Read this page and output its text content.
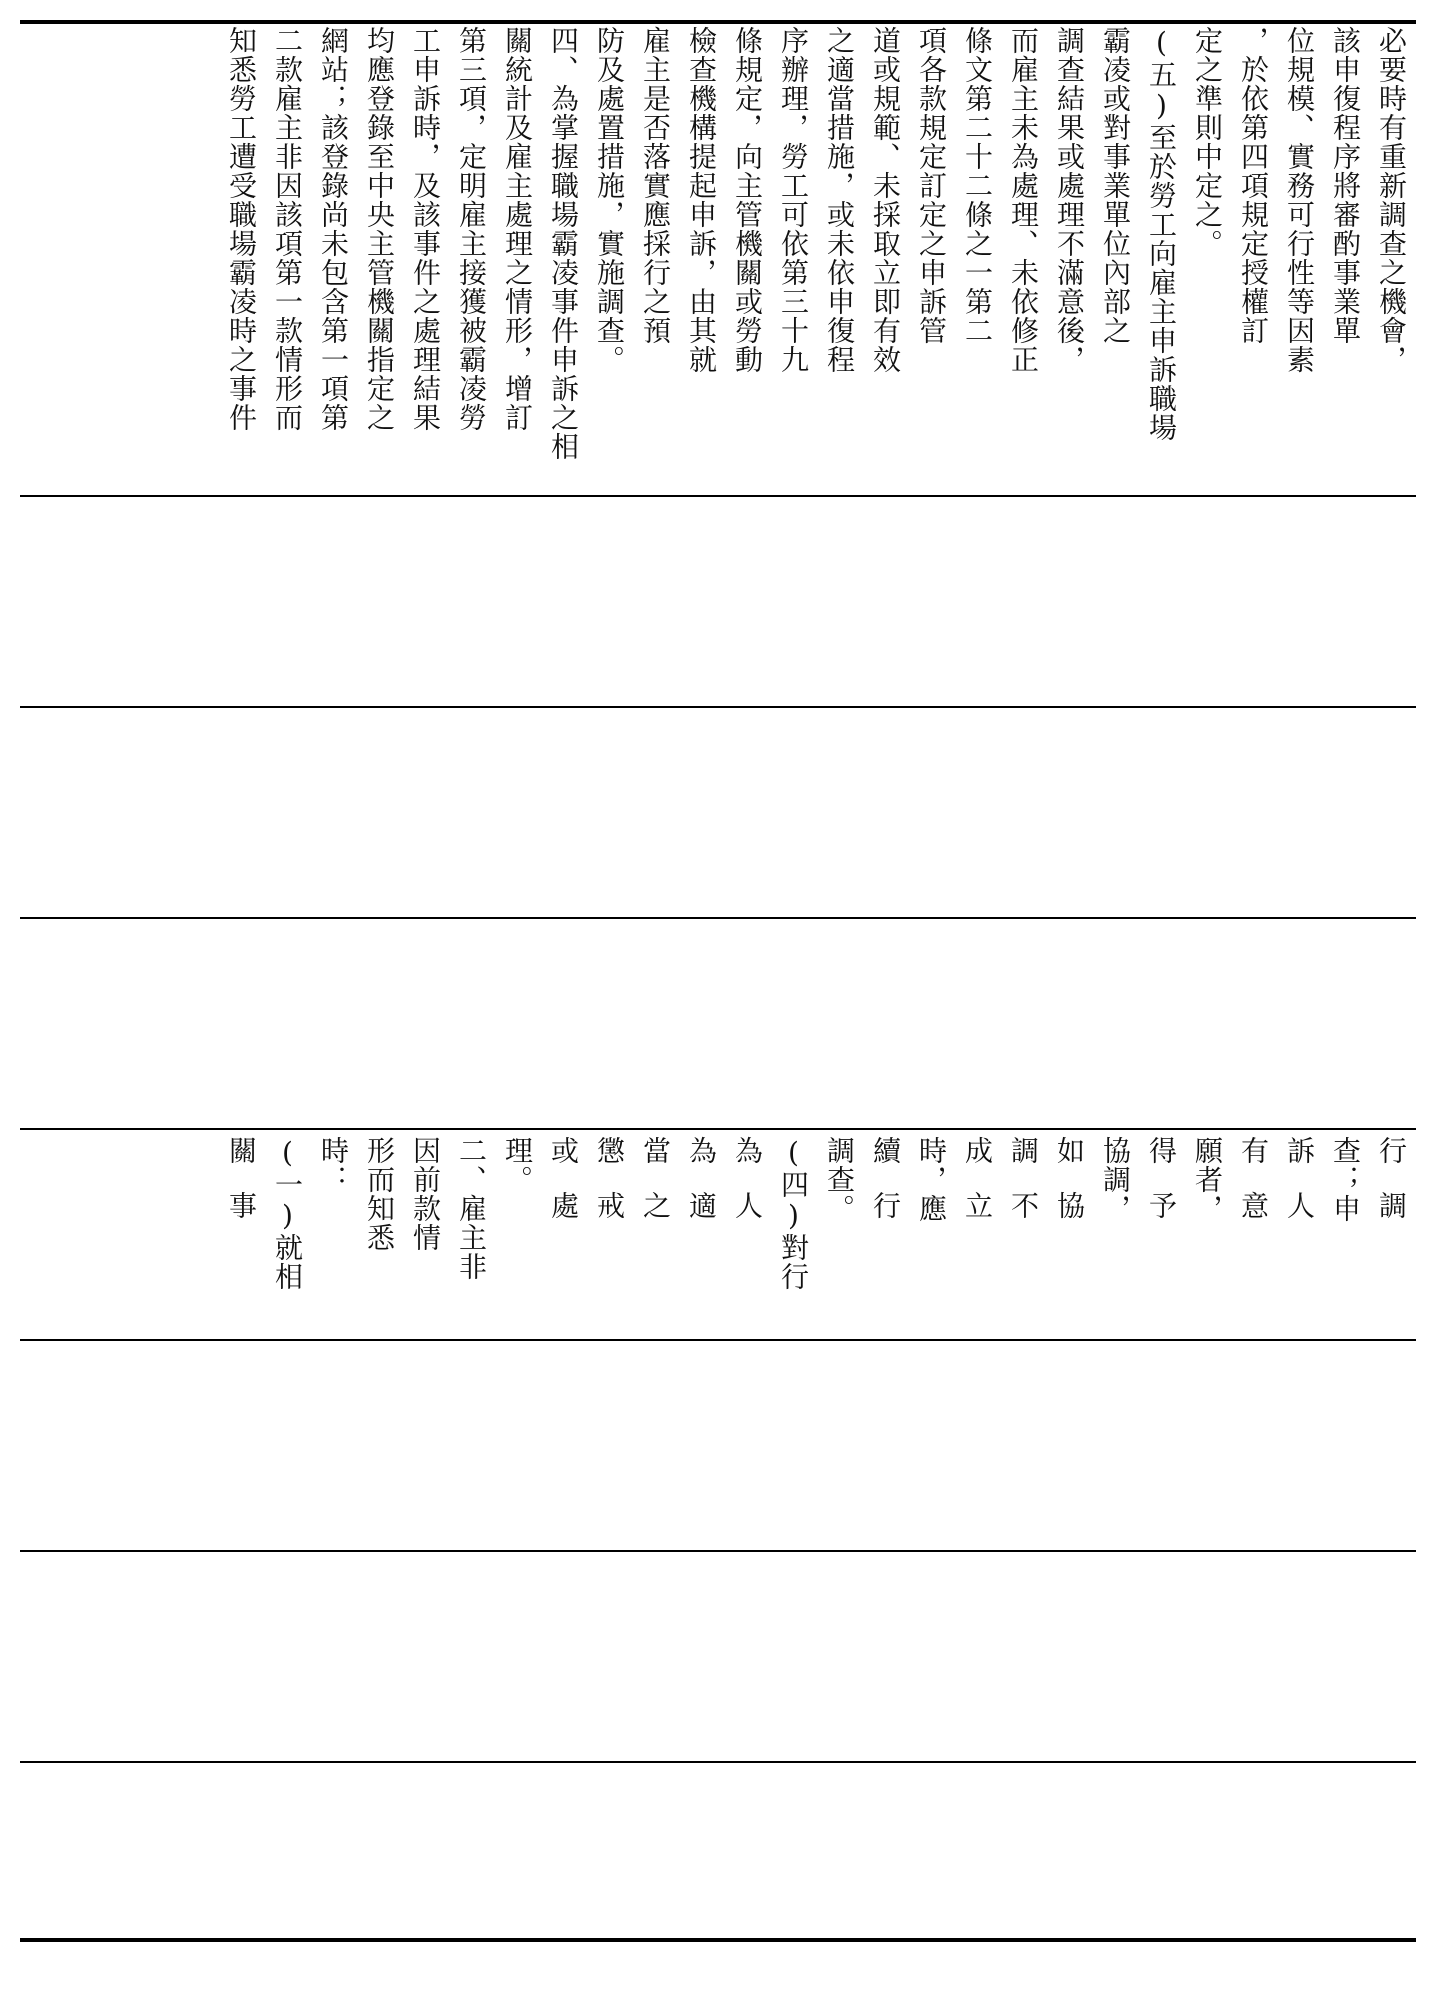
必要時有重新調查之機會，
該申復程序將審酌事業單
位規模、實務可行性等因素
，於依第四項規定授權訂
定之準則中定之。
(五)至於勞工向雇主申訴職場
霸凌或對事業單位內部之
調查結果或處理不滿意後，
而雇主未為處理、未依修正
條文第二十二條之一第二
項各款規定訂定之申訴管
道或規範、未採取立即有效
之適當措施，或未依申復程
序辦理，勞工可依第三十九
條規定，向主管機關或勞動
檢查機構提起申訴，由其就
雇主是否落實應採行之預
防及處置措施，實施調查。
四、為掌握職場霸凌事件申訴之相
關統計及雇主處理之情形，增訂
第三項，定明雇主接獲被霸凌勞
工申訴時，及該事件之處理結果
均應登錄至中央主管機關指定之
網站；該登錄尚未包含第一項第
二款雇主非因該項第一款情形而
知悉勞工遭受職場霸凌時之事件
行調
查；申
訴人
有意
願者，
得予
協調，
如協
調不
成立
時，應
續行
調查。
(四)對行
為人
為適
當之
懲戒
或處
理。
二、雇主非
因前款情
形而知悉
時：
(一)就相
關事
